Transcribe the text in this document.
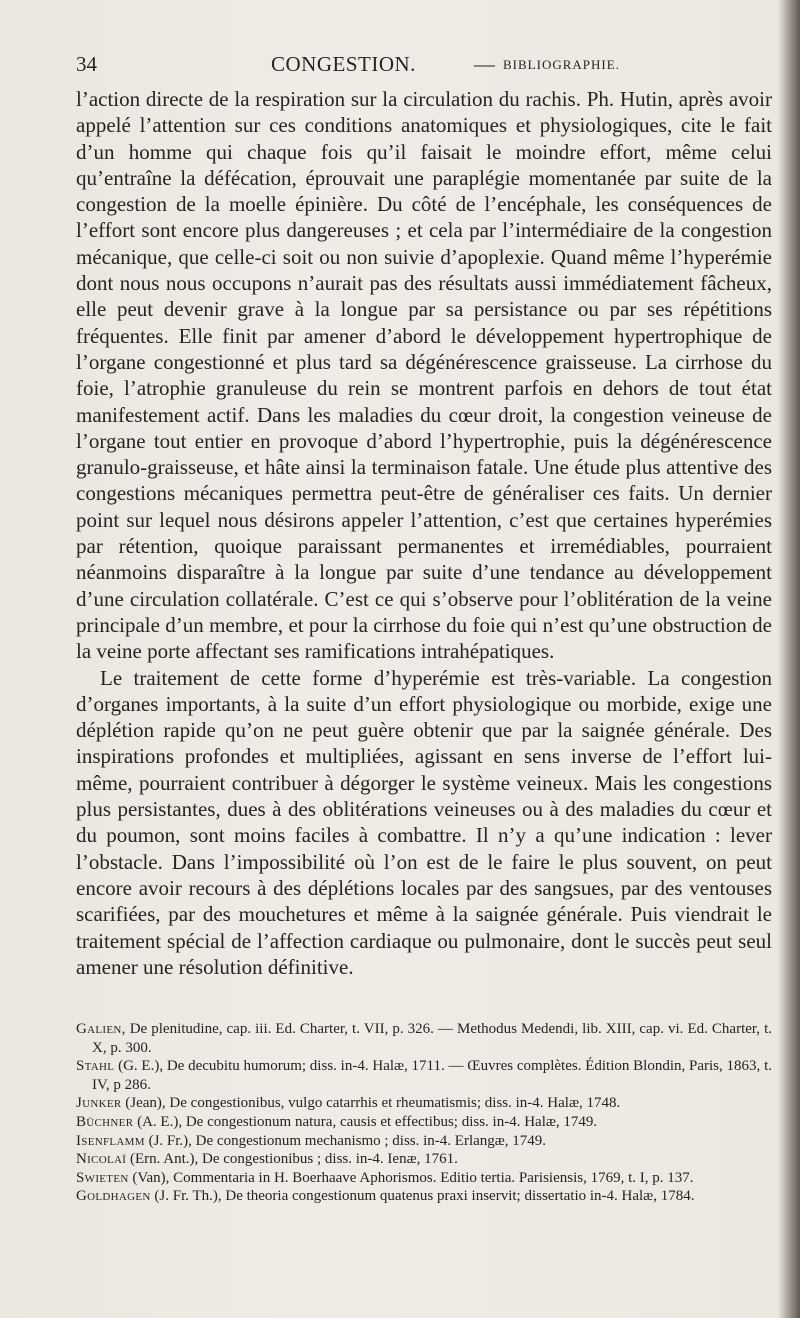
34	CONGESTION.	— BIBLIOGRAPHIE.

l’action directe de la respiration sur la circulation du rachis. Ph. Hutin, après avoir appelé l’attention sur ces conditions anatomiques et physiologiques, cite le fait d’un homme qui chaque fois qu’il faisait le moindre effort, même celui qu’entraîne la défécation, éprouvait une paraplégie momentanée par suite de la congestion de la moelle épinière. Du côté de l’encéphale, les conséquences de l’effort sont encore plus dangereuses ; et cela par l’intermédiaire de la congestion mécanique, que celle-ci soit ou non suivie d’apoplexie. Quand même l’hyperémie dont nous nous occupons n’aurait pas des résultats aussi immédiatement fâcheux, elle peut devenir grave à la longue par sa persistance ou par ses répétitions fréquentes. Elle finit par amener d’abord le développement hypertrophique de l’organe congestionné et plus tard sa dégénérescence graisseuse. La cirrhose du foie, l’atrophie granuleuse du rein se montrent parfois en dehors de tout état manifestement actif. Dans les maladies du cœur droit, la congestion veineuse de l’organe tout entier en provoque d’abord l’hypertrophie, puis la dégénérescence granulo-graisseuse, et hâte ainsi la terminaison fatale. Une étude plus attentive des congestions mécaniques permettra peut-être de généraliser ces faits. Un dernier point sur lequel nous désirons appeler l’attention, c’est que certaines hyperémies par rétention, quoique paraissant permanentes et irremédiables, pourraient néanmoins disparaître à la longue par suite d’une tendance au développement d’une circulation collatérale. C’est ce qui s’observe pour l’oblitération de la veine principale d’un membre, et pour la cirrhose du foie qui n’est qu’une obstruction de la veine porte affectant ses ramifications intrahépatiques.

Le traitement de cette forme d’hyperémie est très-variable. La congestion d’organes importants, à la suite d’un effort physiologique ou morbide, exige une déplétion rapide qu’on ne peut guère obtenir que par la saignée générale. Des inspirations profondes et multipliées, agissant en sens inverse de l’effort lui-même, pourraient contribuer à dégorger le système veineux. Mais les congestions plus persistantes, dues à des oblitérations veineuses ou à des maladies du cœur et du poumon, sont moins faciles à combattre. Il n’y a qu’une indication : lever l’obstacle. Dans l’impossibilité où l’on est de le faire le plus souvent, on peut encore avoir recours à des déplétions locales par des sangsues, par des ventouses scarifiées, par des mouchetures et même à la saignée générale. Puis viendrait le traitement spécial de l’affection cardiaque ou pulmonaire, dont le succès peut seul amener une résolution définitive.

Galien, De plenitudine, cap. iii. Ed. Charter, t. VII, p. 326. — Methodus Medendi, lib. XIII, cap. vi. Ed. Charter, t. X, p. 300.

Stahl (G. E.), De decubitu humorum; diss. in-4. Halæ, 1711. — Œuvres complètes. Édition Blondin, Paris, 1863, t. IV, p 286.

Junker (Jean), De congestionibus, vulgo catarrhis et rheumatismis; diss. in-4. Halæ, 1748.

Büchner (A. E.), De congestionum natura, causis et effectibus; diss. in-4. Halæ, 1749.

Isenflamm (J. Fr.), De congestionum mechanismo ; diss. in-4. Erlangæ, 1749.

Nicolaï (Ern. Ant.), De congestionibus ; diss. in-4. Ienæ, 1761.

Swieten (Van), Commentaria in H. Boerhaave Aphorismos. Editio tertia. Parisiensis, 1769, t. I, p. 137.

Goldhagen (J. Fr. Th.), De theoria congestionum quatenus praxi inservit; dissertatio in-4. Halæ, 1784.
